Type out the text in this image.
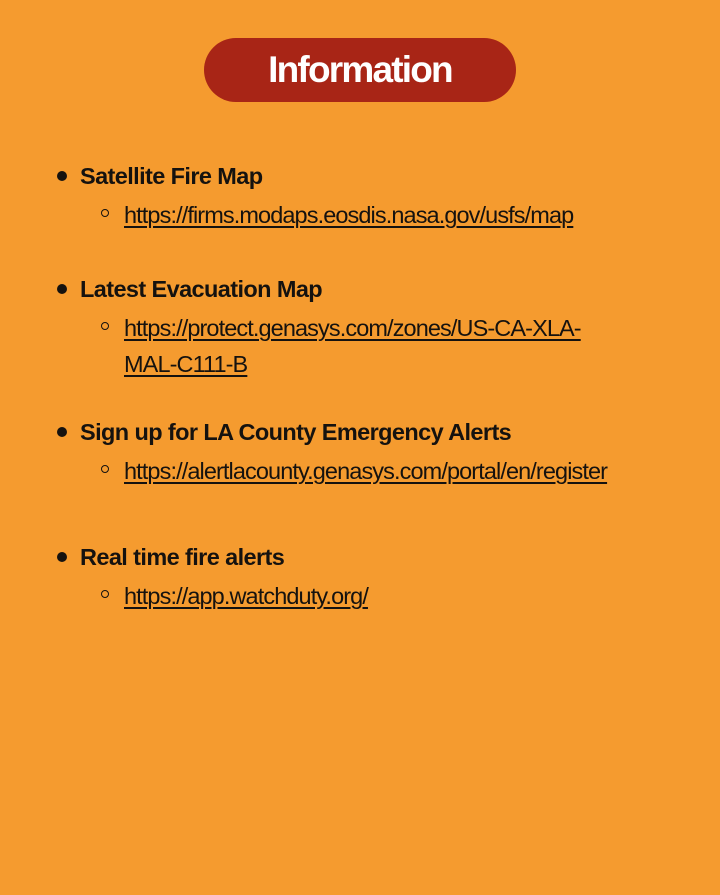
Information
Satellite Fire Map
https://firms.modaps.eosdis.nasa.gov/usfs/map
Latest Evacuation Map
https://protect.genasys.com/zones/US-CA-XLA-
MAL-C111-B
Sign up for LA County Emergency Alerts
https://alertlacounty.genasys.com/portal/en/register
Real time fire alerts
https://app.watchduty.org/
